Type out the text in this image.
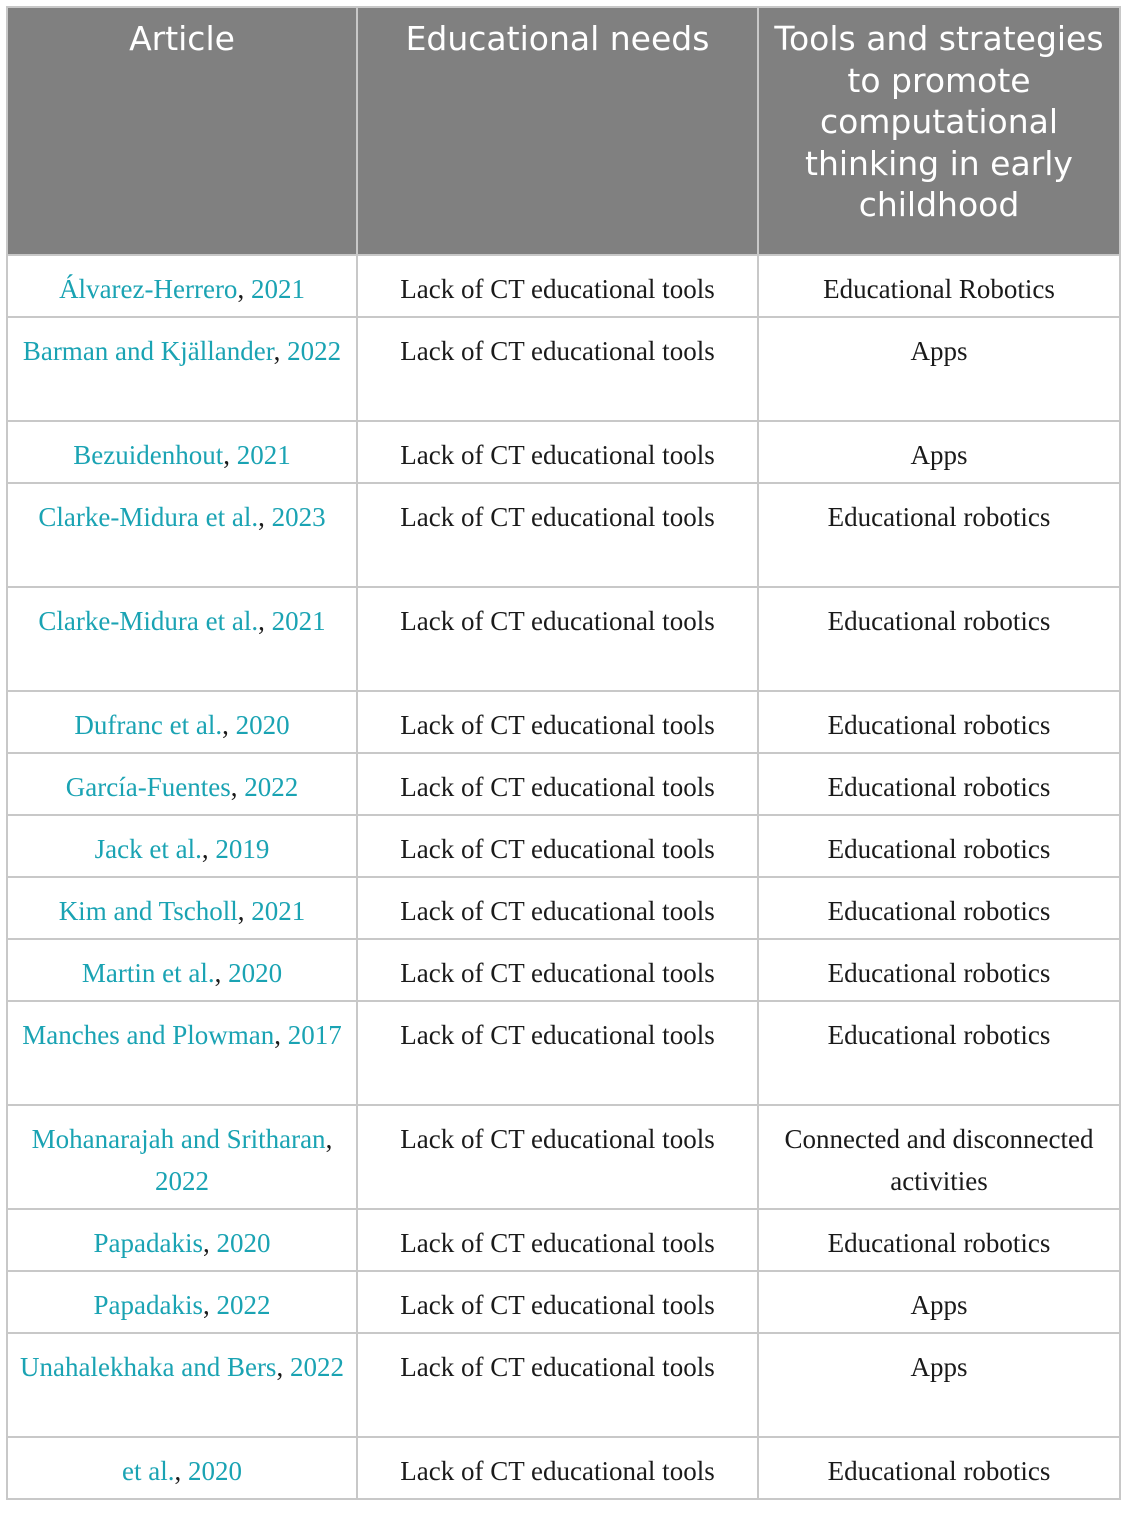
Article	Educational needs	Tools and strategies to promote computational thinking in early childhood
Álvarez-Herrero, 2021	Lack of CT educational tools	Educational Robotics
Barman and Kjällander, 2022	Lack of CT educational tools	Apps
Bezuidenhout, 2021	Lack of CT educational tools	Apps
Clarke-Midura et al., 2023	Lack of CT educational tools	Educational robotics
Clarke-Midura et al., 2021	Lack of CT educational tools	Educational robotics
Dufranc et al., 2020	Lack of CT educational tools	Educational robotics
García-Fuentes, 2022	Lack of CT educational tools	Educational robotics
Jack et al., 2019	Lack of CT educational tools	Educational robotics
Kim and Tscholl, 2021	Lack of CT educational tools	Educational robotics
Martin et al., 2020	Lack of CT educational tools	Educational robotics
Manches and Plowman, 2017	Lack of CT educational tools	Educational robotics
Mohanarajah and Sritharan, 2022	Lack of CT educational tools	Connected and disconnected activities
Papadakis, 2020	Lack of CT educational tools	Educational robotics
Papadakis, 2022	Lack of CT educational tools	Apps
Unahalekhaka and Bers, 2022	Lack of CT educational tools	Apps
et al., 2020	Lack of CT educational tools	Educational robotics
